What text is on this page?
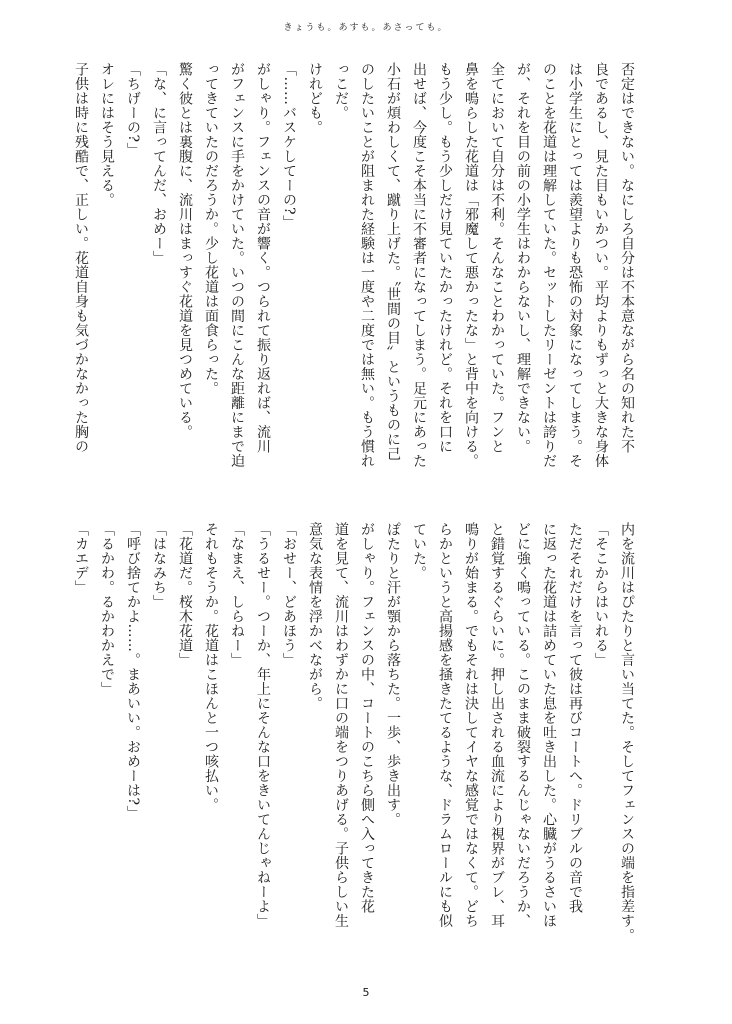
きょうも。あすも。あさっても。
否定はできない。なにしろ自分は不本意ながら名の知れた不
良であるし、見た目もいかつい。平均よりもずっと大きな身体
は小学生にとっては羨望よりも恐怖の対象になってしまう。そ
のことを花道は理解していた。セットしたリーゼントは誇りだ
が、それを目の前の小学生はわからないし、理解できない。
全てにおいて自分は不利。そんなことわかっていた。フンと
鼻を鳴らした花道は「邪魔して悪かったな」と背中を向ける。
もう少し。もう少しだけ見ていたかったけれど。それを口に
出せば、今度こそ本当に不審者になってしまう。足元にあった
小石が煩わしくて、蹴り上げた。〝世間の目〟というものに己
のしたいことが阻まれた経験は一度や二度では無い。もう慣れ
っこだ。
けれども。
「……バスケしてーの?」
がしゃり。フェンスの音が響く。つられて振り返れば、流川
がフェンスに手をかけていた。いつの間にこんな距離にまで迫
ってきていたのだろうか。少し花道は面食らった。
驚く彼とは裏腹に、流川はまっすぐ花道を見つめている。
「な、に言ってんだ、おめー」
「ちげーの?」
オレにはそう見える。
子供は時に残酷で、正しい。花道自身も気づかなかった胸の
内を流川はぴたりと言い当てた。そしてフェンスの端を指差す。
「そこからはいれる」
ただそれだけを言って彼は再びコートへ。ドリブルの音で我
に返った花道は詰めていた息を吐き出した。心臓がうるさいほ
どに強く鳴っている。このまま破裂するんじゃないだろうか、
と錯覚するぐらいに。押し出される血流により視界がブレ、耳
鳴りが始まる。でもそれは決してイヤな感覚ではなくて。どち
らかというと高揚感を掻きたてるような、ドラムロールにも似
ていた。
ぽたりと汗が顎から落ちた。一歩、歩き出す。
がしゃり。フェンスの中、コートのこちら側へ入ってきた花
道を見て、流川はわずかに口の端をつりあげる。子供らしい生
意気な表情を浮かべながら。
「おせー、どあほう」
「うるせー。つーか、年上にそんな口をきいてんじゃねーよ」
「なまえ、しらねー」
それもそうか。花道はこほんと一つ咳払い。
「花道だ。桜木花道」
「はなみち」
「呼び捨てかよ……。まあいい。おめーは?」
「るかわ。るかわかえで」
「カエデ」
5
